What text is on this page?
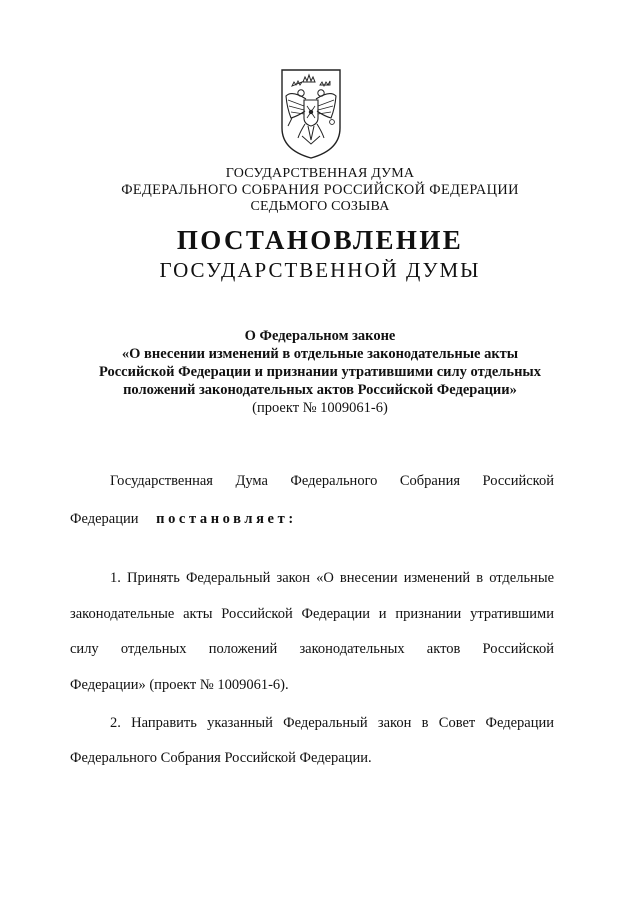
ГОСУДАРСТВЕННАЯ ДУМА
ФЕДЕРАЛЬНОГО СОБРАНИЯ РОССИЙСКОЙ ФЕДЕРАЦИИ
СЕДЬМОГО СОЗЫВА
ПОСТАНОВЛЕНИЕ
ГОСУДАРСТВЕННОЙ ДУМЫ
О Федеральном законе
«О внесении изменений в отдельные законодательные акты
Российской Федерации и признании утратившими силу отдельных
положений законодательных актов Российской Федерации»
(проект № 1009061-6)
Государственная Дума Федерального Собрания Российской
Федерации постановляет:
1. Принять Федеральный закон «О внесении изменений в отдельные
законодательные акты Российской Федерации и признании утратившими
силу отдельных положений законодательных актов Российской
Федерации» (проект № 1009061-6).
2. Направить указанный Федеральный закон в Совет Федерации
Федерального Собрания Российской Федерации.
